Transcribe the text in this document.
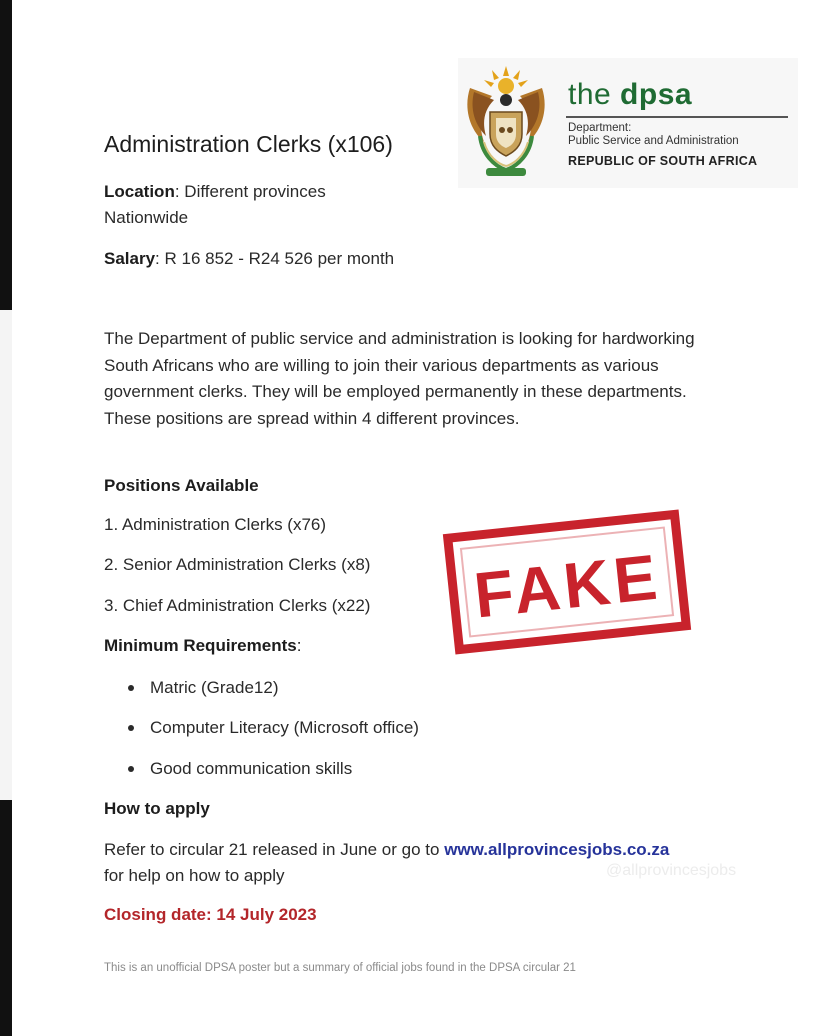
the dpsa
Department:
Public Service and Administration
REPUBLIC OF SOUTH AFRICA
Administration Clerks (x106)
Location: Different provinces
Nationwide
Salary: R 16 852 - R24 526 per month
The Department of public service and administration is looking for hardworking South Africans who are willing to join their various departments as various government clerks. They will be employed permanently in these departments. These positions are spread within 4 different provinces.
Positions Available
1. Administration Clerks (x76)
2. Senior Administration Clerks (x8)
3. Chief Administration Clerks (x22)
Minimum Requirements:
Matric (Grade12)
Computer Literacy (Microsoft office)
Good communication skills
How to apply
Refer to circular 21 released in June or go to www.allprovincesjobs.co.za
for help on how to apply	@allprovincesjobs
Closing date: 14 July 2023
This is an unofficial DPSA poster but a summary of official jobs found in the DPSA circular 21
FAKE
